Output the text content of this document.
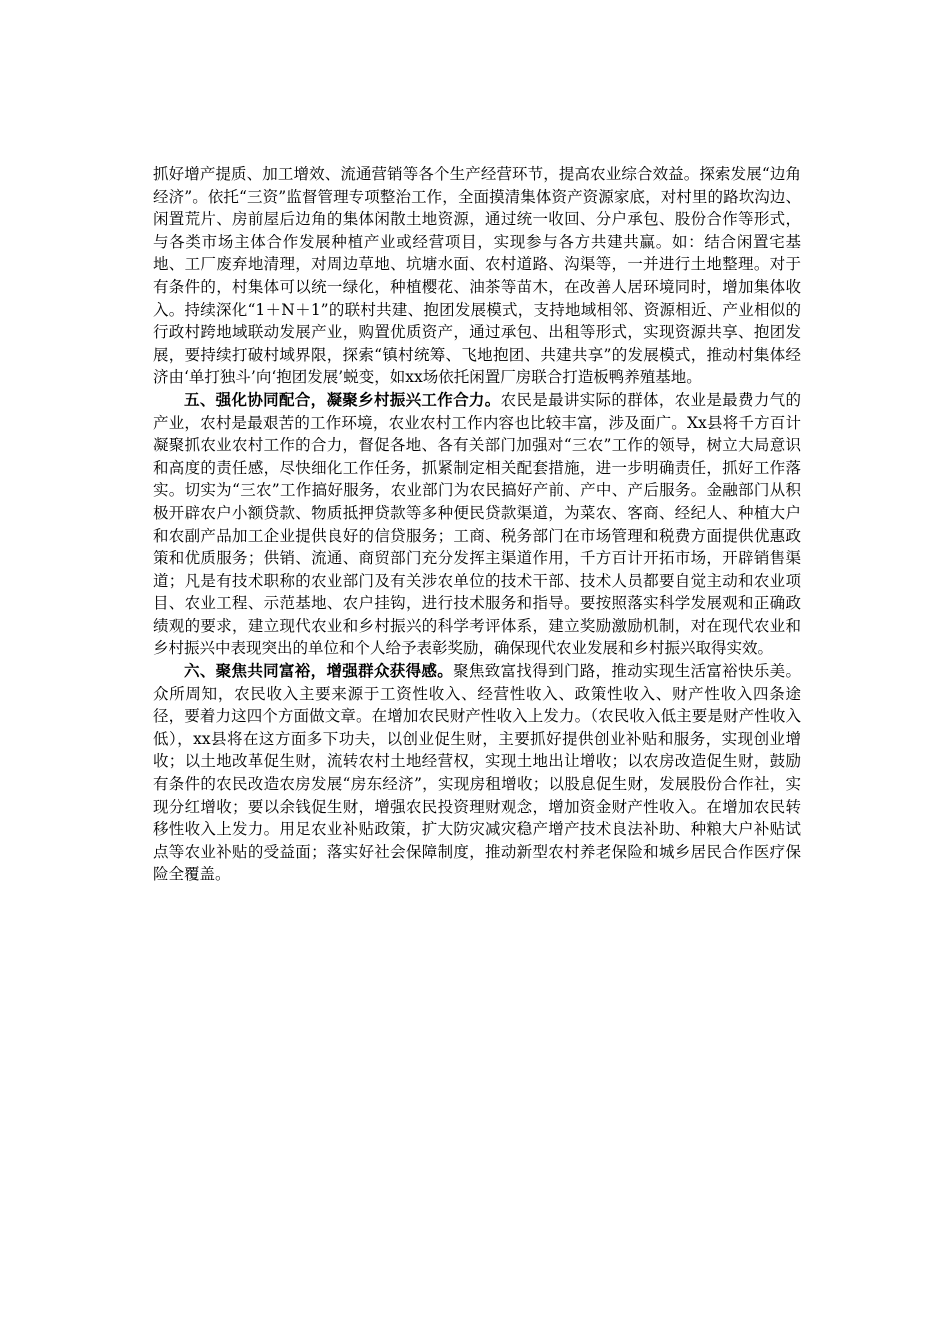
抓好增产提质、加工增效、流通营销等各个生产经营环节，提高农业综合效益。探索发展“边角经济”。依托“三资”监督管理专项整治工作，全面摸清集体资产资源家底，对村里的路坎沟边、闲置荒片、房前屋后边角的集体闲散土地资源，通过统一收回、分户承包、股份合作等形式，与各类市场主体合作发展种植产业或经营项目，实现参与各方共建共赢。如：结合闲置宅基地、工厂废弃地清理，对周边草地、坑塘水面、农村道路、沟渠等，一并进行土地整理。对于有条件的，村集体可以统一绿化，种植樱花、油茶等苗木，在改善人居环境同时，增加集体收入。持续深化“1＋N＋1”的联村共建、抱团发展模式，支持地域相邻、资源相近、产业相似的行政村跨地域联动发展产业，购置优质资产，通过承包、出租等形式，实现资源共享、抱团发展，要持续打破村域界限，探索“镇村统筹、飞地抱团、共建共享”的发展模式，推动村集体经济由‘单打独斗’向‘抱团发展’蜕变，如xx场依托闲置厂房联合打造板鸭养殖基地。

五、强化协同配合，凝聚乡村振兴工作合力。农民是最讲实际的群体，农业是最费力气的产业，农村是最艰苦的工作环境，农业农村工作内容也比较丰富，涉及面广。Xx县将千方百计凝聚抓农业农村工作的合力，督促各地、各有关部门加强对“三农”工作的领导，树立大局意识和高度的责任感，尽快细化工作任务，抓紧制定相关配套措施，进一步明确责任，抓好工作落实。切实为“三农”工作搞好服务，农业部门为农民搞好产前、产中、产后服务。金融部门从积极开辟农户小额贷款、物质抵押贷款等多种便民贷款渠道，为菜农、客商、经纪人、种植大户和农副产品加工企业提供良好的信贷服务；工商、税务部门在市场管理和税费方面提供优惠政策和优质服务；供销、流通、商贸部门充分发挥主渠道作用，千方百计开拓市场，开辟销售渠道；凡是有技术职称的农业部门及有关涉农单位的技术干部、技术人员都要自觉主动和农业项目、农业工程、示范基地、农户挂钩，进行技术服务和指导。要按照落实科学发展观和正确政绩观的要求，建立现代农业和乡村振兴的科学考评体系，建立奖励激励机制，对在现代农业和乡村振兴中表现突出的单位和个人给予表彰奖励，确保现代农业发展和乡村振兴取得实效。

六、聚焦共同富裕，增强群众获得感。聚焦致富找得到门路，推动实现生活富裕快乐美。众所周知，农民收入主要来源于工资性收入、经营性收入、政策性收入、财产性收入四条途径，要着力这四个方面做文章。在增加农民财产性收入上发力。（农民收入低主要是财产性收入低），xx县将在这方面多下功夫，以创业促生财，主要抓好提供创业补贴和服务，实现创业增收；以土地改革促生财，流转农村土地经营权，实现土地出让增收；以农房改造促生财，鼓励有条件的农民改造农房发展“房东经济”，实现房租增收；以股息促生财，发展股份合作社，实现分红增收；要以余钱促生财，增强农民投资理财观念，增加资金财产性收入。在增加农民转移性收入上发力。用足农业补贴政策，扩大防灾减灾稳产增产技术良法补助、种粮大户补贴试点等农业补贴的受益面；落实好社会保障制度，推动新型农村养老保险和城乡居民合作医疗保险全覆盖。
